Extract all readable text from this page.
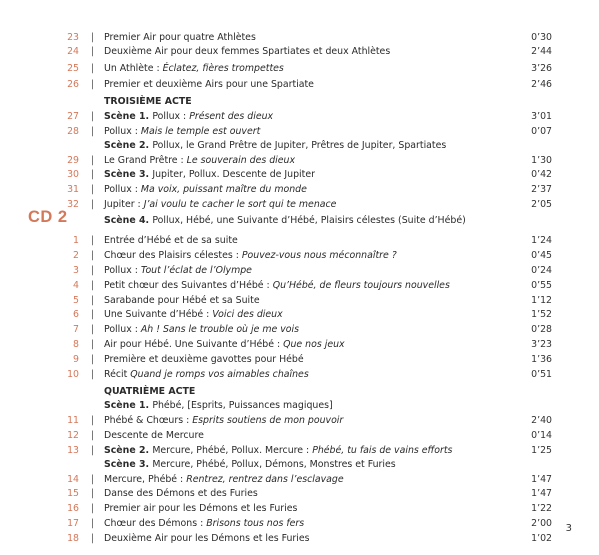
23 | Premier Air pour quatre Athlètes	0’30
24 | Deuxième Air pour deux femmes Spartiates et deux Athlètes	2’44
25 | Un Athlète : Éclatez, fières trompettes	3’26
26 | Premier et deuxième Airs pour une Spartiate	2’46
TROISIÈME ACTE
27 | Scène 1. Pollux : Présent des dieux	3’01
28 | Pollux : Mais le temple est ouvert	0’07
Scène 2. Pollux, le Grand Prêtre de Jupiter, Prêtres de Jupiter, Spartiates
29 | Le Grand Prêtre : Le souverain des dieux	1’30
30 | Scène 3. Jupiter, Pollux. Descente de Jupiter	0’42
31 | Pollux : Ma voix, puissant maître du monde	2’37
32 | Jupiter : J’ai voulu te cacher le sort qui te menace	2’05
Scène 4. Pollux, Hébé, une Suivante d’Hébé, Plaisirs célestes (Suite d’Hébé)
1 | Entrée d’Hébé et de sa suite	1’24
2 | Chœur des Plaisirs célestes : Pouvez-vous nous méconnaître ?	0’45
3 | Pollux : Tout l’éclat de l’Olympe	0’24
4 | Petit chœur des Suivantes d’Hébé : Qu’Hébé, de fleurs toujours nouvelles	0’55
5 | Sarabande pour Hébé et sa Suite	1’12
6 | Une Suivante d’Hébé : Voici des dieux	1’52
7 | Pollux : Ah ! Sans le trouble où je me vois	0’28
8 | Air pour Hébé. Une Suivante d’Hébé : Que nos jeux	3’23
9 | Première et deuxième gavottes pour Hébé	1’36
10 | Récit Quand je romps vos aimables chaînes	0’51
QUATRIÈME ACTE
Scène 1. Phébé, [Esprits, Puissances magiques]
11 | Phébé & Chœurs : Esprits soutiens de mon pouvoir	2’40
12 | Descente de Mercure	0’14
13 | Scène 2. Mercure, Phébé, Pollux. Mercure : Phébé, tu fais de vains efforts	1’25
Scène 3. Mercure, Phébé, Pollux, Démons, Monstres et Furies
14 | Mercure, Phébé : Rentrez, rentrez dans l’esclavage	1’47
15 | Danse des Démons et des Furies	1’47
16 | Premier air pour les Démons et les Furies	1’22
17 | Chœur des Démons : Brisons tous nos fers	2’00
18 | Deuxième Air pour les Démons et les Furies	1’02
CD 2
3
